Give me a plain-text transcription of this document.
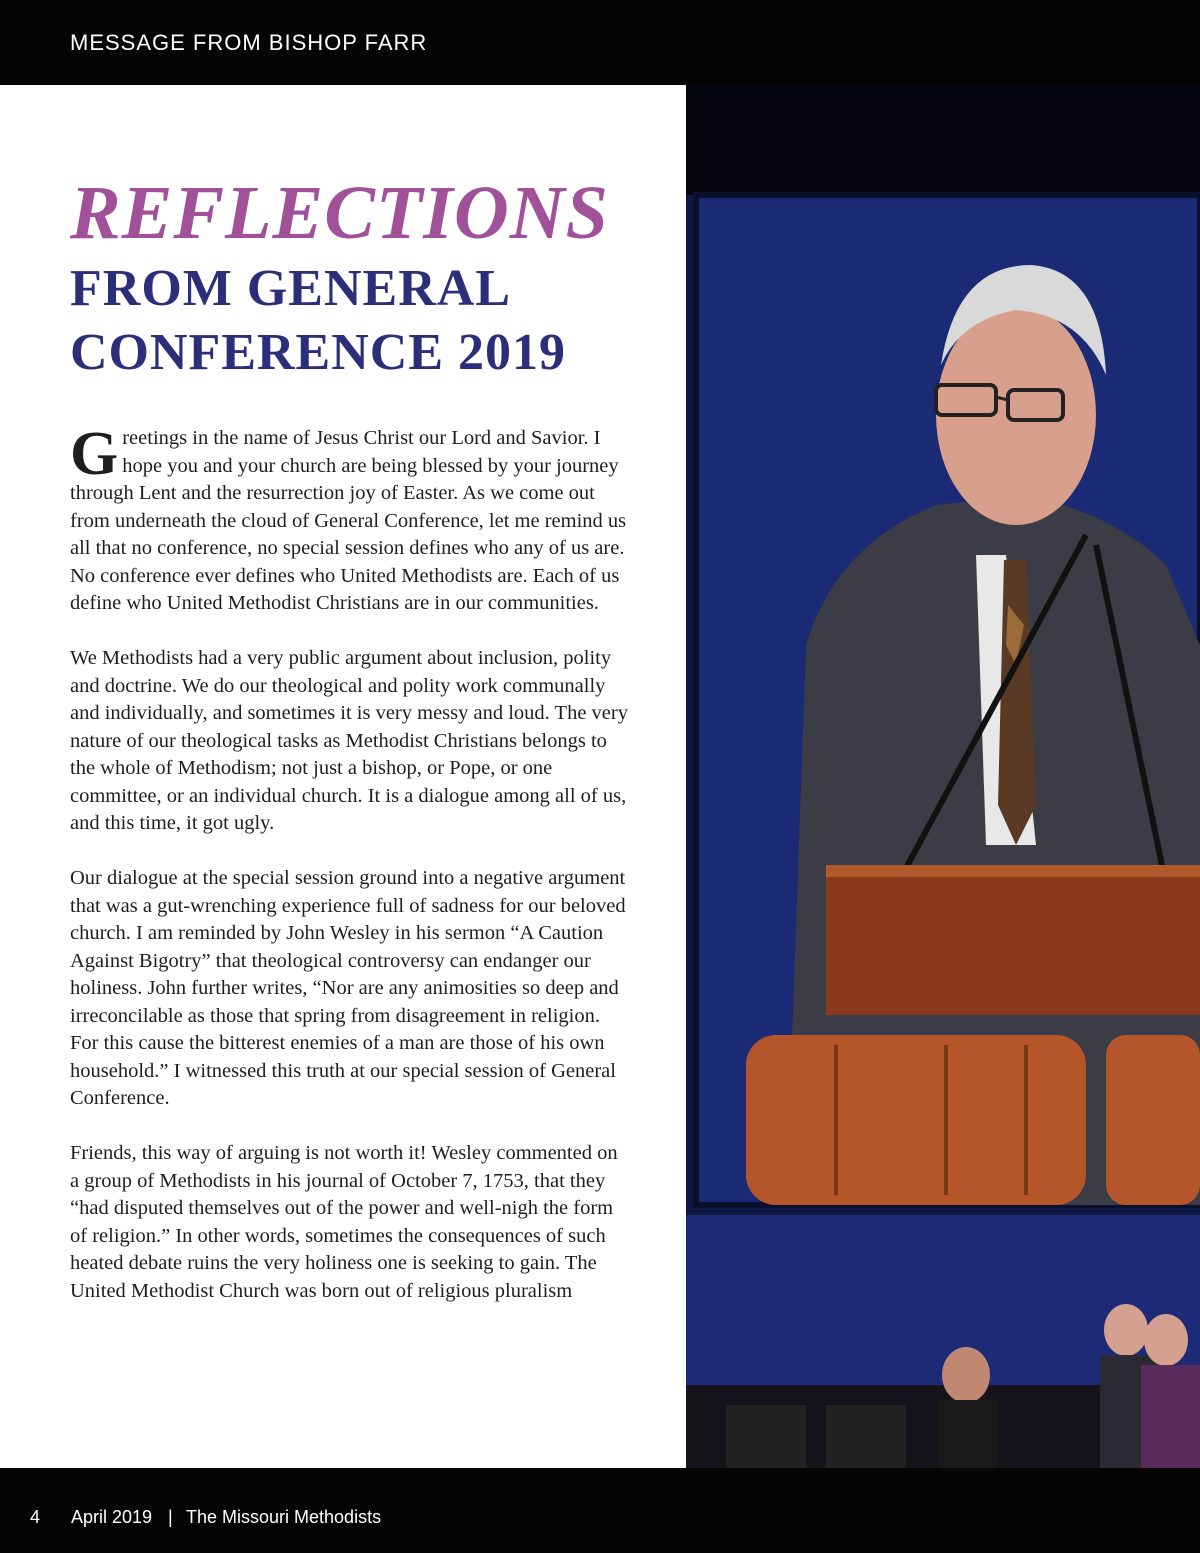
MESSAGE FROM BISHOP FARR
REFLECTIONS
FROM GENERAL
CONFERENCE 2019

Greetings in the name of Jesus Christ our Lord and Savior. I hope you and your church are being blessed by your journey through Lent and the resurrection joy of Easter. As we come out from underneath the cloud of General Conference, let me remind us all that no conference, no special session defines who any of us are. No conference ever defines who United Methodists are. Each of us define who United Methodist Christians are in our communities.

We Methodists had a very public argument about inclusion, polity and doctrine. We do our theological and polity work communally and individually, and sometimes it is very messy and loud. The very nature of our theological tasks as Methodist Christians belongs to the whole of Methodism; not just a bishop, or Pope, or one committee, or an individual church. It is a dialogue among all of us, and this time, it got ugly.

Our dialogue at the special session ground into a negative argument that was a gut-wrenching experience full of sadness for our beloved church. I am reminded by John Wesley in his sermon “A Caution Against Bigotry” that theological controversy can endanger our holiness. John further writes, “Nor are any animosities so deep and irreconcilable as those that spring from disagreement in religion. For this cause the bitterest enemies of a man are those of his own household.” I witnessed this truth at our special session of General Conference.

Friends, this way of arguing is not worth it! Wesley commented on a group of Methodists in his journal of October 7, 1753, that they “had disputed themselves out of the power and well-nigh the form of religion.” In other words, sometimes the consequences of such heated debate ruins the very holiness one is seeking to gain. The United Methodist Church was born out of religious pluralism

4 April 2019 | The Missouri Methodists
